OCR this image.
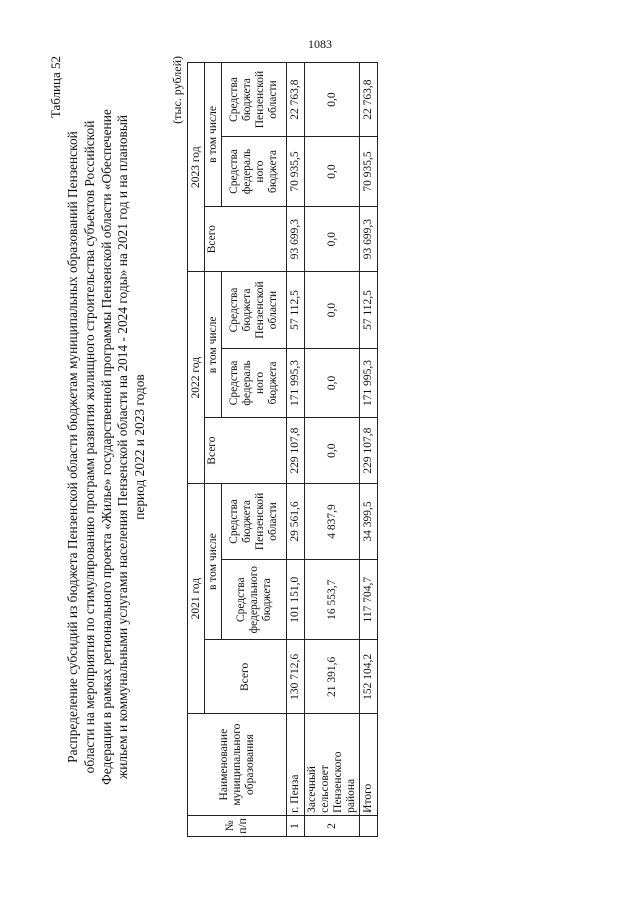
1083
Таблица 52
Распределение субсидий из бюджета Пензенской области бюджетам муниципальных образований Пензенской области на мероприятия по стимулированию программ развития жилищного строительства субъектов Российской Федерации в рамках регионального проекта «Жилье» государственной программы Пензенской области «Обеспечение жильем и коммунальными услугами населения Пензенской области на 2014 - 2024 годы» на 2021 год и на плановый период 2022 и 2023 годов
(тыс. рублей)
№ п/п	Наименование муниципального образования	2021 год			2022 год			2023 год		
		Всего	в том числе		Всего	в том числе		Всего	в том числе	
			Средства федерального бюджета	Средства бюджета Пензенской области		Средства федераль ного бюджета	Средства бюджета Пензенской области		Средства федераль ного бюджета	Средства бюджета Пензенской области
1	г. Пенза	130 712,6	101 151,0	29 561,6	229 107,8	171 995,3	57 112,5	93 699,3	70 935,5	22 763,8
2	Засечный сельсовет Пензенского района	21 391,6	16 553,7	4 837,9	0,0	0,0	0,0	0,0	0,0	0,0
	Итого	152 104,2	117 704,7	34 399,5	229 107,8	171 995,3	57 112,5	93 699,3	70 935,5	22 763,8
